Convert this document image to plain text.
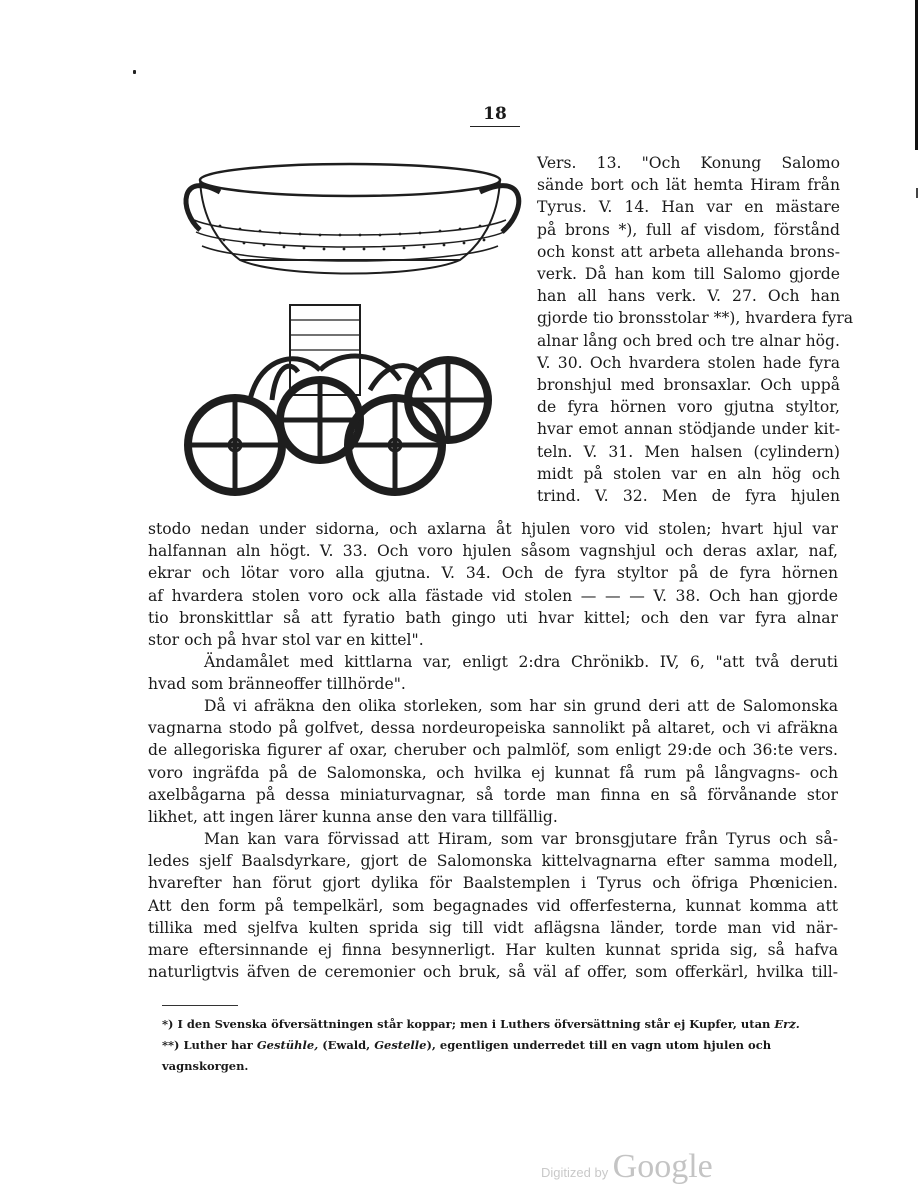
18
Vers. 13. "Och Konung Salomo
sände bort och lät hemta Hiram från
Tyrus. V. 14. Han var en mästare
på brons *), full af visdom, förstånd
och konst att arbeta allehanda brons-
verk. Då han kom till Salomo gjorde
han all hans verk. V. 27. Och han
gjorde tio bronsstolar **), hvardera fyra
alnar lång och bred och tre alnar hög.
V. 30. Och hvardera stolen hade fyra
bronshjul med bronsaxlar. Och uppå
de fyra hörnen voro gjutna styltor,
hvar emot annan stödjande under kit-
teln. V. 31. Men halsen (cylindern)
midt på stolen var en aln hög och
trind. V. 32. Men de fyra hjulen
stodo nedan under sidorna, och axlarna åt hjulen voro vid stolen; hvart hjul var
halfannan aln högt. V. 33. Och voro hjulen såsom vagnshjul och deras axlar, naf,
ekrar och lötar voro alla gjutna. V. 34. Och de fyra styltor på de fyra hörnen
af hvardera stolen voro ock alla fästade vid stolen — — — V. 38. Och han gjorde
tio bronskittlar så att fyratio bath gingo uti hvar kittel; och den var fyra alnar
stor och på hvar stol var en kittel".
Ändamålet med kittlarna var, enligt 2:dra Chrönikb. IV, 6, "att två deruti
hvad som bränneoffer tillhörde".
Då vi afräkna den olika storleken, som har sin grund deri att de Salomonska
vagnarna stodo på golfvet, dessa nordeuropeiska sannolikt på altaret, och vi afräkna
de allegoriska figurer af oxar, cheruber och palmlöf, som enligt 29:de och 36:te vers.
voro ingräfda på de Salomonska, och hvilka ej kunnat få rum på långvagns- och
axelbågarna på dessa miniaturvagnar, så torde man finna en så förvånande stor
likhet, att ingen lärer kunna anse den vara tillfällig.
Man kan vara förvissad att Hiram, som var bronsgjutare från Tyrus och så-
ledes sjelf Baalsdyrkare, gjort de Salomonska kittelvagnarna efter samma modell,
hvarefter han förut gjort dylika för Baalstemplen i Tyrus och öfriga Phœnicien.
Att den form på tempelkärl, som begagnades vid offerfesterna, kunnat komma att
tillika med sjelfva kulten sprida sig till vidt aflägsna länder, torde man vid när-
mare eftersinnande ej finna besynnerligt. Har kulten kunnat sprida sig, så hafva
naturligtvis äfven de ceremonier och bruk, så väl af offer, som offerkärl, hvilka till-
*) I den Svenska öfversättningen står koppar; men i Luthers öfversättning står ej Kupfer, utan Erz.
**) Luther har Gestühle, (Ewald, Gestelle), egentligen underredet till en vagn utom hjulen och vagnskorgen.
Digitized by Google
